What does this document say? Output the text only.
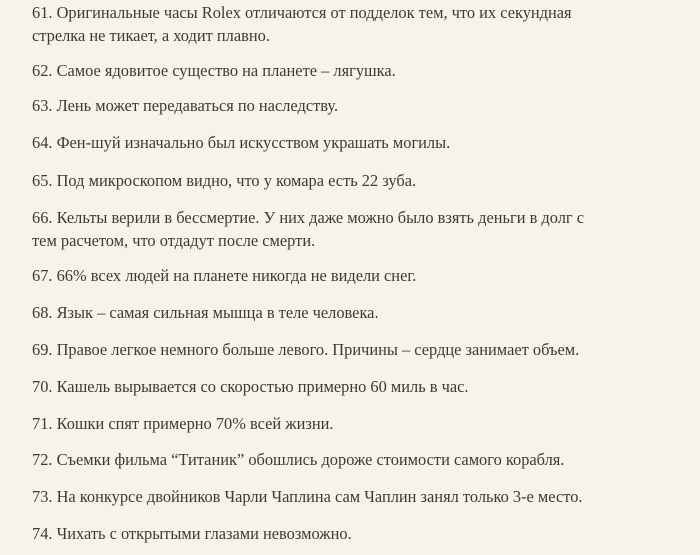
61. Оригинальные часы Rolex отличаются от подделок тем, что их секундная
стрелка не тикает, а ходит плавно.

62. Самое ядовитое существо на планете – лягушка.

63. Лень может передаваться по наследству.

64. Фен-шуй изначально был искусством украшать могилы.

65. Под микроскопом видно, что у комара есть 22 зуба.

66. Кельты верили в бессмертие. У них даже можно было взять деньги в долг с
тем расчетом, что отдадут после смерти.

67. 66% всех людей на планете никогда не видели снег.

68. Язык – самая сильная мышца в теле человека.

69. Правое легкое немного больше левого. Причины – сердце занимает объем.

70. Кашель вырывается со скоростью примерно 60 миль в час.

71. Кошки спят примерно 70% всей жизни.

72. Съемки фильма “Титаник” обошлись дороже стоимости самого корабля.

73. На конкурсе двойников Чарли Чаплина сам Чаплин занял только 3-е место.

74. Чихать с открытыми глазами невозможно.
